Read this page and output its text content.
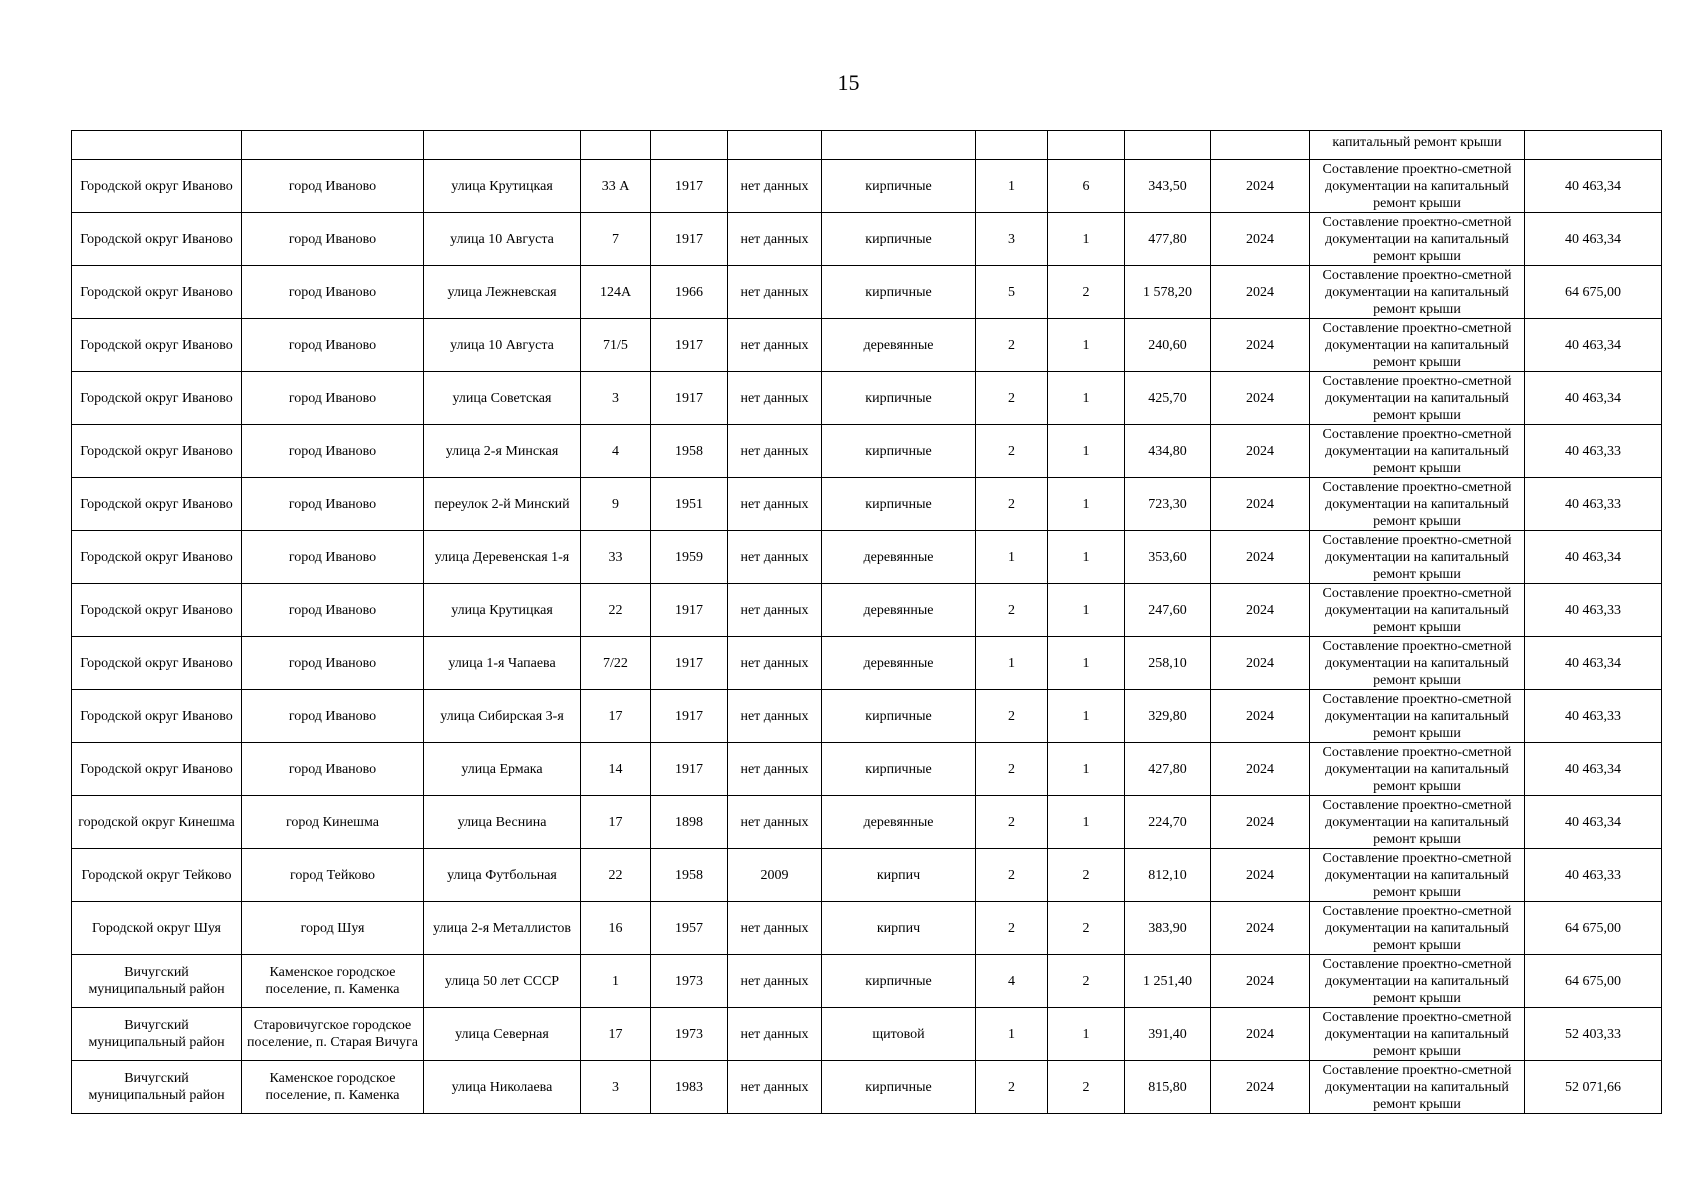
15

											капитальный ремонт крыши	

Городской округ Иваново	город Иваново	улица Крутицкая	33 А	1917	нет данных	кирпичные	1	6	343,50	2024	Составление проектно-сметной документации на капитальный ремонт крыши	40 463,34
Городской округ Иваново	город Иваново	улица 10 Августа	7	1917	нет данных	кирпичные	3	1	477,80	2024	Составление проектно-сметной документации на капитальный ремонт крыши	40 463,34
Городской округ Иваново	город Иваново	улица Лежневская	124А	1966	нет данных	кирпичные	5	2	1 578,20	2024	Составление проектно-сметной документации на капитальный ремонт крыши	64 675,00
Городской округ Иваново	город Иваново	улица 10 Августа	71/5	1917	нет данных	деревянные	2	1	240,60	2024	Составление проектно-сметной документации на капитальный ремонт крыши	40 463,34
Городской округ Иваново	город Иваново	улица Советская	3	1917	нет данных	кирпичные	2	1	425,70	2024	Составление проектно-сметной документации на капитальный ремонт крыши	40 463,34
Городской округ Иваново	город Иваново	улица 2-я Минская	4	1958	нет данных	кирпичные	2	1	434,80	2024	Составление проектно-сметной документации на капитальный ремонт крыши	40 463,33
Городской округ Иваново	город Иваново	переулок 2-й Минский	9	1951	нет данных	кирпичные	2	1	723,30	2024	Составление проектно-сметной документации на капитальный ремонт крыши	40 463,33
Городской округ Иваново	город Иваново	улица Деревенская 1-я	33	1959	нет данных	деревянные	1	1	353,60	2024	Составление проектно-сметной документации на капитальный ремонт крыши	40 463,34
Городской округ Иваново	город Иваново	улица Крутицкая	22	1917	нет данных	деревянные	2	1	247,60	2024	Составление проектно-сметной документации на капитальный ремонт крыши	40 463,33
Городской округ Иваново	город Иваново	улица 1-я Чапаева	7/22	1917	нет данных	деревянные	1	1	258,10	2024	Составление проектно-сметной документации на капитальный ремонт крыши	40 463,34
Городской округ Иваново	город Иваново	улица Сибирская 3-я	17	1917	нет данных	кирпичные	2	1	329,80	2024	Составление проектно-сметной документации на капитальный ремонт крыши	40 463,33
Городской округ Иваново	город Иваново	улица Ермака	14	1917	нет данных	кирпичные	2	1	427,80	2024	Составление проектно-сметной документации на капитальный ремонт крыши	40 463,34
городской округ Кинешма	город Кинешма	улица Веснина	17	1898	нет данных	деревянные	2	1	224,70	2024	Составление проектно-сметной документации на капитальный ремонт крыши	40 463,34
Городской округ Тейково	город Тейково	улица Футбольная	22	1958	2009	кирпич	2	2	812,10	2024	Составление проектно-сметной документации на капитальный ремонт крыши	40 463,33
Городской округ Шуя	город Шуя	улица 2-я Металлистов	16	1957	нет данных	кирпич	2	2	383,90	2024	Составление проектно-сметной документации на капитальный ремонт крыши	64 675,00
Вичугский муниципальный район	Каменское городское поселение, п. Каменка	улица 50 лет СССР	1	1973	нет данных	кирпичные	4	2	1 251,40	2024	Составление проектно-сметной документации на капитальный ремонт крыши	64 675,00
Вичугский муниципальный район	Старовичугское городское поселение, п. Старая Вичуга	улица Северная	17	1973	нет данных	щитовой	1	1	391,40	2024	Составление проектно-сметной документации на капитальный ремонт крыши	52 403,33
Вичугский муниципальный район	Каменское городское поселение, п. Каменка	улица Николаева	3	1983	нет данных	кирпичные	2	2	815,80	2024	Составление проектно-сметной документации на капитальный ремонт крыши	52 071,66
